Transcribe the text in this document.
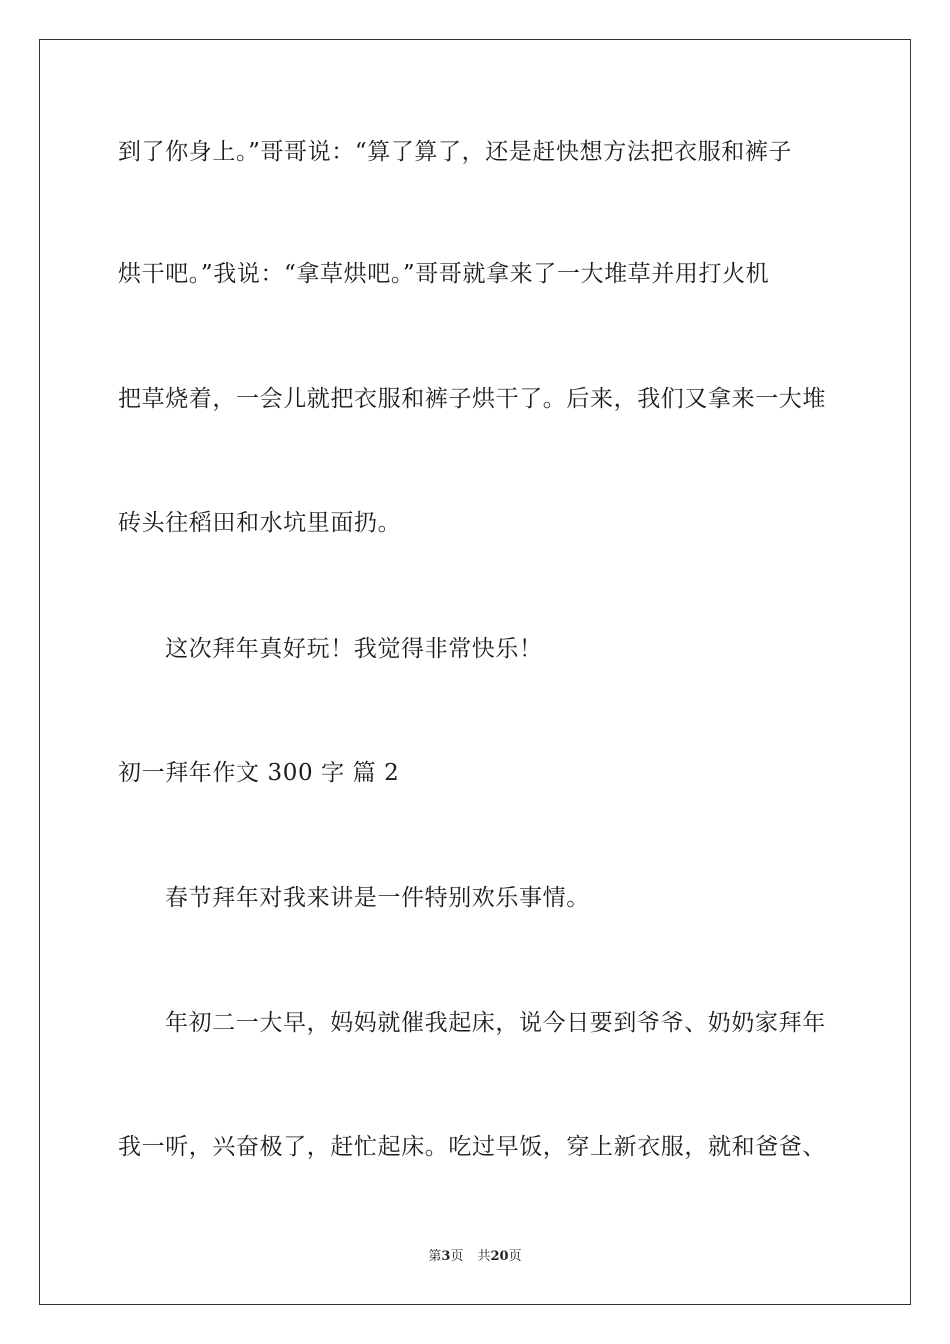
到了你身上。”哥哥说：“算了算了，还是赶快想方法把衣服和裤子
烘干吧。”我说：“拿草烘吧。”哥哥就拿来了一大堆草并用打火机
把草烧着，一会儿就把衣服和裤子烘干了。后来，我们又拿来一大堆
砖头往稻田和水坑里面扔。
这次拜年真好玩！我觉得非常快乐！
初一拜年作文 300 字 篇 2
春节拜年对我来讲是一件特别欢乐事情。
年初二一大早，妈妈就催我起床，说今日要到爷爷、奶奶家拜年
我一听，兴奋极了，赶忙起床。吃过早饭，穿上新衣服，就和爸爸、
第3页 共20页
